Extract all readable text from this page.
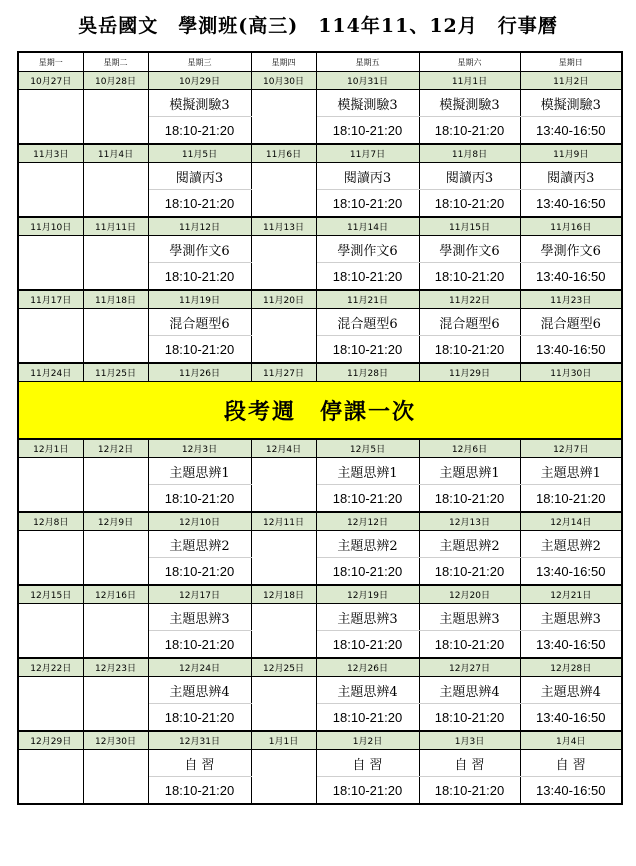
吳岳國文　學測班(高三)　114年11、12月　行事曆
星期一	星期二	星期三	星期四	星期五	星期六	星期日
10月27日	10月28日	10月29日	10月30日	10月31日	11月1日	11月2日
		模擬測驗3		模擬測驗3	模擬測驗3	模擬測驗3
		18:10-21:20		18:10-21:20	18:10-21:20	13:40-16:50
11月3日	11月4日	11月5日	11月6日	11月7日	11月8日	11月9日
		閱讀丙3		閱讀丙3	閱讀丙3	閱讀丙3
		18:10-21:20		18:10-21:20	18:10-21:20	13:40-16:50
11月10日	11月11日	11月12日	11月13日	11月14日	11月15日	11月16日
		學測作文6		學測作文6	學測作文6	學測作文6
		18:10-21:20		18:10-21:20	18:10-21:20	13:40-16:50
11月17日	11月18日	11月19日	11月20日	11月21日	11月22日	11月23日
		混合題型6		混合題型6	混合題型6	混合題型6
		18:10-21:20		18:10-21:20	18:10-21:20	13:40-16:50
11月24日	11月25日	11月26日	11月27日	11月28日	11月29日	11月30日
段考週　停課一次						
12月1日	12月2日	12月3日	12月4日	12月5日	12月6日	12月7日
		主題思辨1		主題思辨1	主題思辨1	主題思辨1
		18:10-21:20		18:10-21:20	18:10-21:20	18:10-21:20
12月8日	12月9日	12月10日	12月11日	12月12日	12月13日	12月14日
		主題思辨2		主題思辨2	主題思辨2	主題思辨2
		18:10-21:20		18:10-21:20	18:10-21:20	13:40-16:50
12月15日	12月16日	12月17日	12月18日	12月19日	12月20日	12月21日
		主題思辨3		主題思辨3	主題思辨3	主題思辨3
		18:10-21:20		18:10-21:20	18:10-21:20	13:40-16:50
12月22日	12月23日	12月24日	12月25日	12月26日	12月27日	12月28日
		主題思辨4		主題思辨4	主題思辨4	主題思辨4
		18:10-21:20		18:10-21:20	18:10-21:20	13:40-16:50
12月29日	12月30日	12月31日	1月1日	1月2日	1月3日	1月4日
		自 習		自 習	自 習	自 習
		18:10-21:20		18:10-21:20	18:10-21:20	13:40-16:50
